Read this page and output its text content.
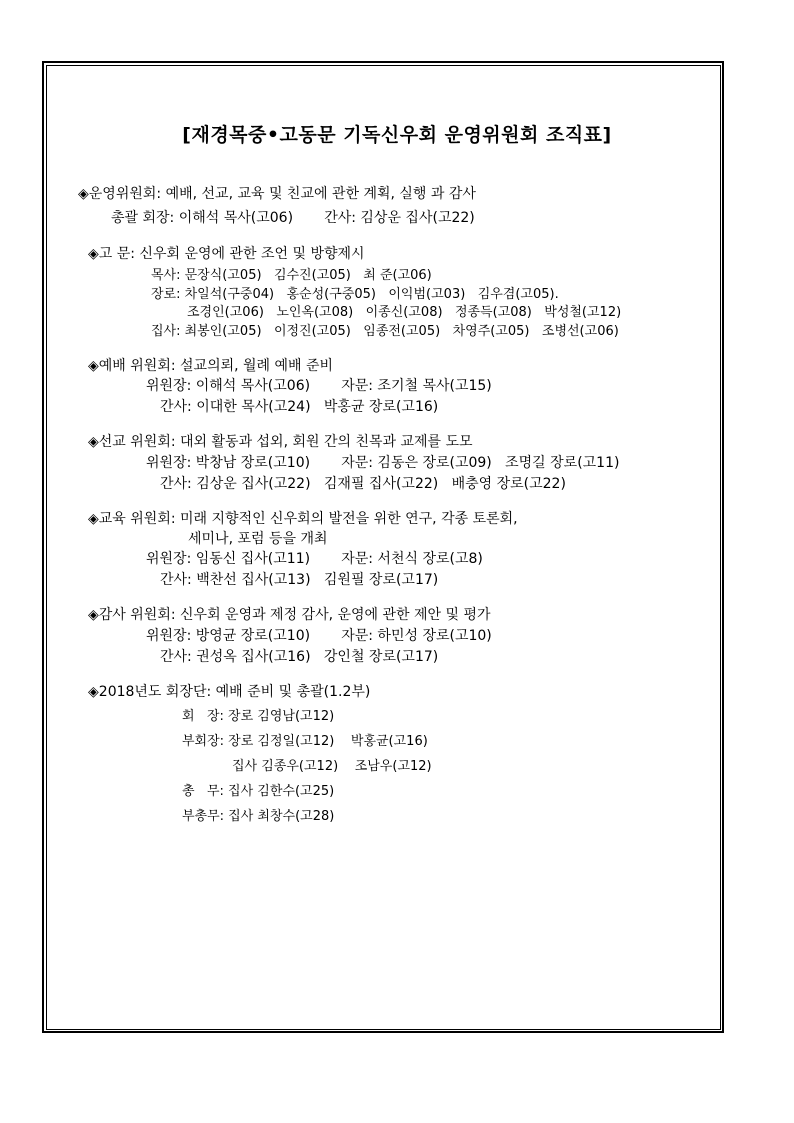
[재경목중•고동문 기독신우회 운영위원회 조직표]
◈운영위원회: 예배, 선교, 교육 및 친교에 관한 계획, 실행 과 감사
총괄 회장: 이해석 목사(고06)       간사: 김상운 집사(고22)
◈고 문: 신우회 운영에 관한 조언 및 방향제시
목사: 문장식(고05)   김수진(고05)   최 준(고06)
장로: 차일석(구중04)   홍순성(구중05)   이익범(고03)   김우겸(고05).
조경인(고06)   노인옥(고08)   이종신(고08)   정종득(고08)   박성철(고12)
집사: 최봉인(고05)   이정진(고05)   임종전(고05)   차영주(고05)   조병선(고06)
◈예배 위원회: 설교의뢰, 월례 예배 준비
위원장: 이해석 목사(고06)       자문: 조기철 목사(고15)
간사: 이대한 목사(고24)   박홍균 장로(고16)
◈선교 위원회: 대외 활동과 섭외, 회원 간의 친목과 교제를 도모
위원장: 박창남 장로(고10)       자문: 김동은 장로(고09)   조명길 장로(고11)
간사: 김상운 집사(고22)   김재필 집사(고22)   배충영 장로(고22)
◈교육 위원회: 미래 지향적인 신우회의 발전을 위한 연구, 각종 토론회,
세미나, 포럼 등을 개최
위원장: 임동신 집사(고11)       자문: 서천식 장로(고8)
간사: 백찬선 집사(고13)   김원필 장로(고17)
◈감사 위원회: 신우회 운영과 제정 감사, 운영에 관한 제안 및 평가
위원장: 방영균 장로(고10)       자문: 하민성 장로(고10)
간사: 권성옥 집사(고16)   강인철 장로(고17)
◈2018년도 회장단: 예배 준비 및 총괄(1.2부)
회   장: 장로 김영남(고12)
부회장: 장로 김정일(고12)    박홍균(고16)
집사 김종우(고12)    조남우(고12)
총   무: 집사 김한수(고25)
부총무: 집사 최창수(고28)
